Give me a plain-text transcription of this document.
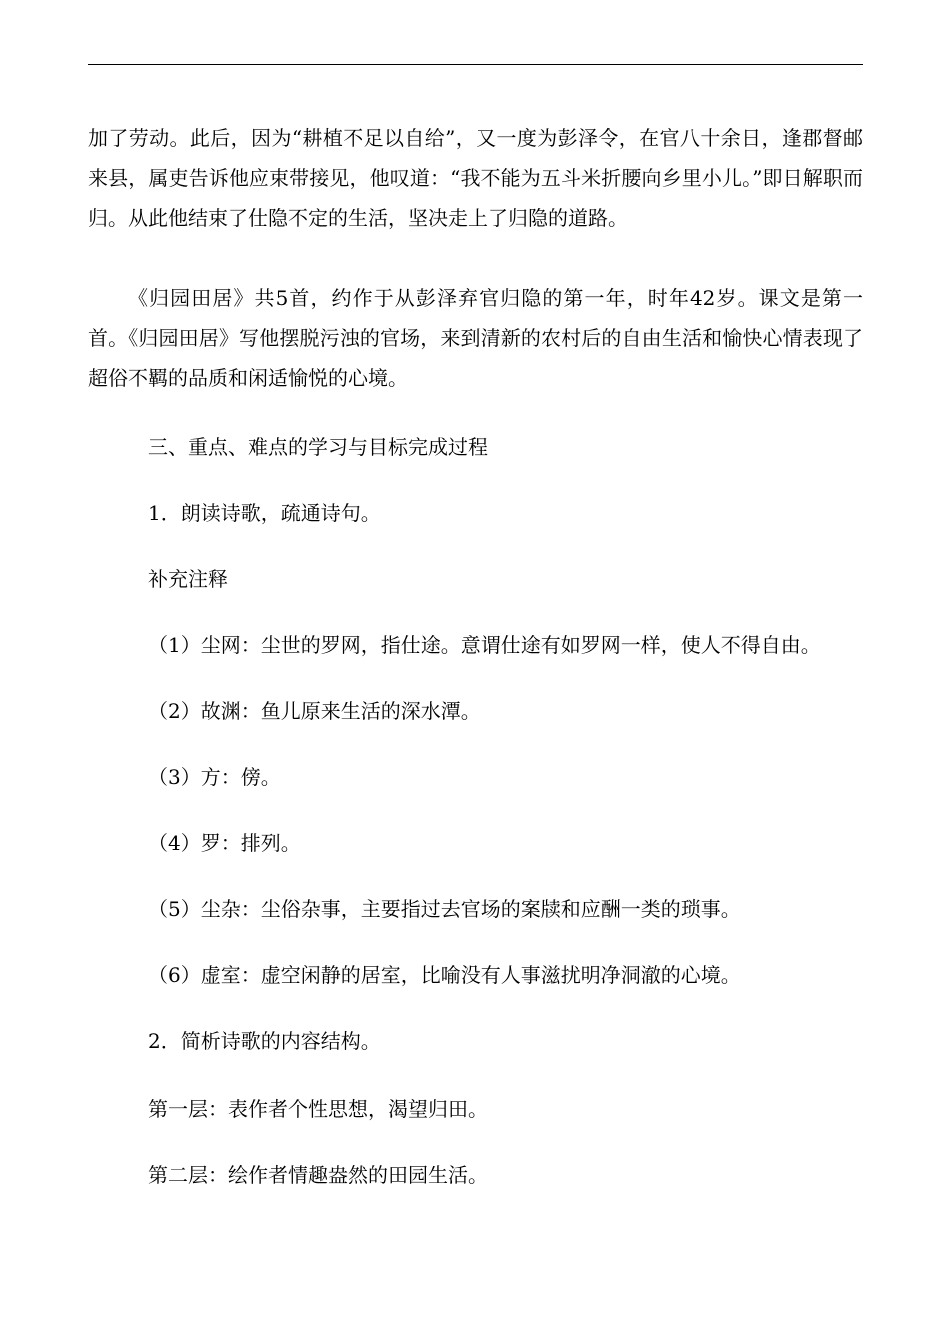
加了劳动。此后，因为“耕植不足以自给”，又一度为彭泽令，在官八十余日，逢郡督邮来县，属吏告诉他应束带接见，他叹道：“我不能为五斗米折腰向乡里小儿。”即日解职而归。从此他结束了仕隐不定的生活，坚决走上了归隐的道路。

《归园田居》共5首，约作于从彭泽弃官归隐的第一年，时年42岁。课文是第一首。《归园田居》写他摆脱污浊的官场，来到清新的农村后的自由生活和愉快心情表现了超俗不羁的品质和闲适愉悦的心境。

三、重点、难点的学习与目标完成过程

1．朗读诗歌，疏通诗句。

补充注释

（1）尘网：尘世的罗网，指仕途。意谓仕途有如罗网一样，使人不得自由。

（2）故渊：鱼儿原来生活的深水潭。

（3）方：傍。

（4）罗：排列。

（5）尘杂：尘俗杂事，主要指过去官场的案牍和应酬一类的琐事。

（6）虚室：虚空闲静的居室，比喻没有人事滋扰明净洞澈的心境。

2．简析诗歌的内容结构。

第一层：表作者个性思想，渴望归田。

第二层：绘作者情趣盎然的田园生活。
